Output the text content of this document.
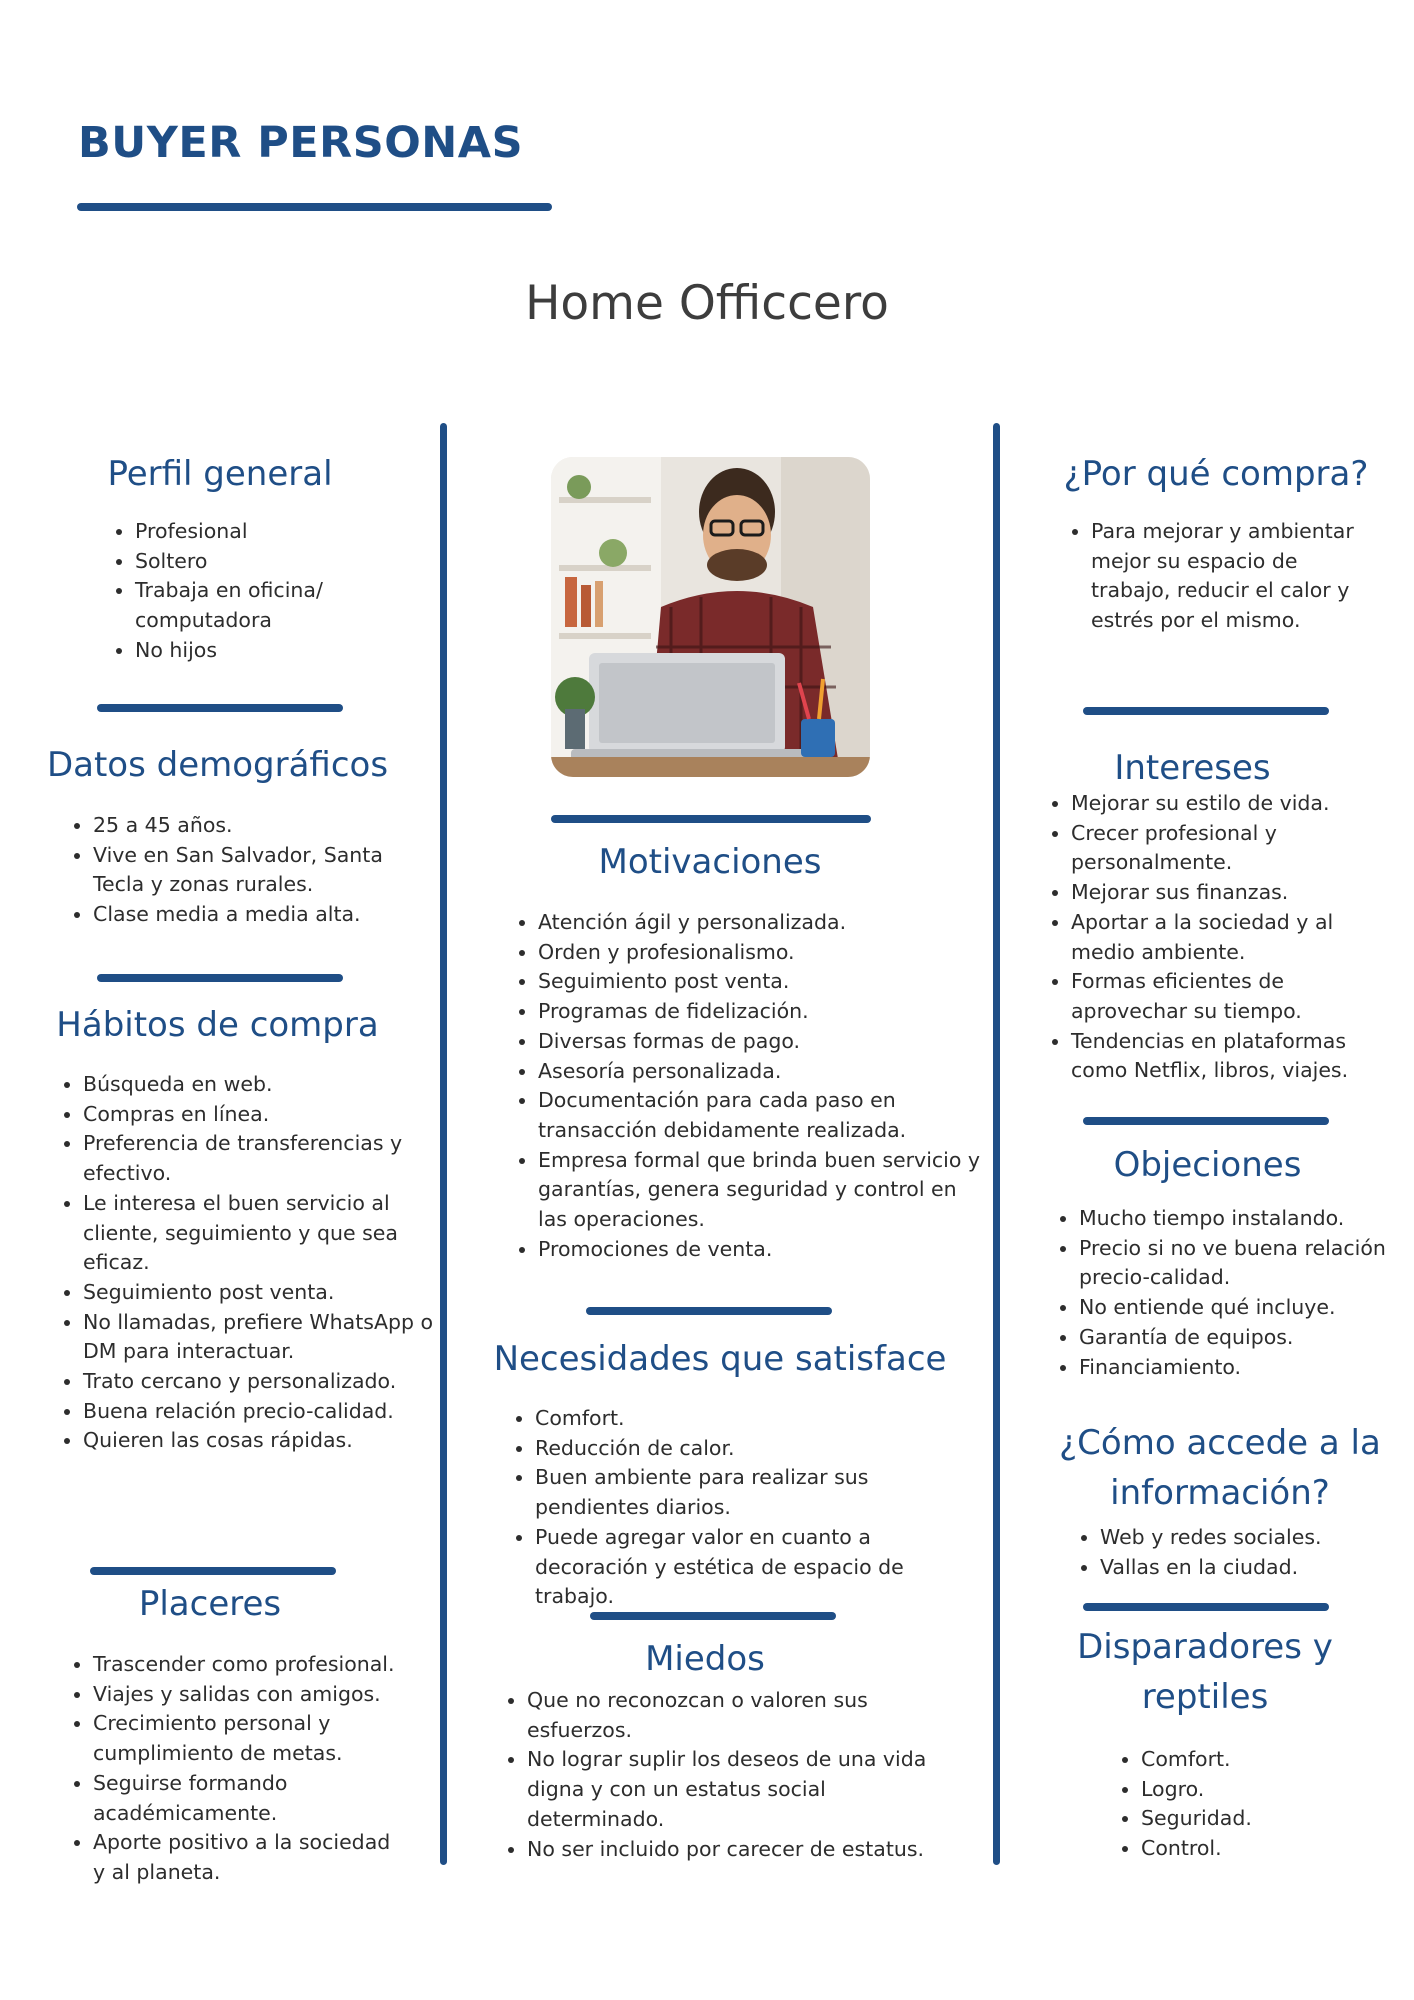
BUYER PERSONAS
Home Officcero
Perfil general
• Profesional
• Soltero
• Trabaja en oficina/ computadora
• No hijos
Datos demográficos
• 25 a 45 años.
• Vive en San Salvador, Santa Tecla y zonas rurales.
• Clase media a media alta.
Hábitos de compra
• Búsqueda en web.
• Compras en línea.
• Preferencia de transferencias y efectivo.
• Le interesa el buen servicio al cliente, seguimiento y que sea eficaz.
• Seguimiento post venta.
• No llamadas, prefiere WhatsApp o DM para interactuar.
• Trato cercano y personalizado.
• Buena relación precio-calidad.
• Quieren las cosas rápidas.
Placeres
• Trascender como profesional.
• Viajes y salidas con amigos.
• Crecimiento personal y cumplimiento de metas.
• Seguirse formando académicamente.
• Aporte positivo a la sociedad y al planeta.
Motivaciones
• Atención ágil y personalizada.
• Orden y profesionalismo.
• Seguimiento post venta.
• Programas de fidelización.
• Diversas formas de pago.
• Asesoría personalizada.
• Documentación para cada paso en transacción debidamente realizada.
• Empresa formal que brinda buen servicio y garantías, genera seguridad y control en las operaciones.
• Promociones de venta.
Necesidades que satisface
• Comfort.
• Reducción de calor.
• Buen ambiente para realizar sus pendientes diarios.
• Puede agregar valor en cuanto a decoración y estética de espacio de trabajo.
Miedos
• Que no reconozcan o valoren sus esfuerzos.
• No lograr suplir los deseos de una vida digna y con un estatus social determinado.
• No ser incluido por carecer de estatus.
¿Por qué compra?
• Para mejorar y ambientar mejor su espacio de trabajo, reducir el calor y estrés por el mismo.
Intereses
• Mejorar su estilo de vida.
• Crecer profesional y personalmente.
• Mejorar sus finanzas.
• Aportar a la sociedad y al medio ambiente.
• Formas eficientes de aprovechar su tiempo.
• Tendencias en plataformas como Netflix, libros, viajes.
Objeciones
• Mucho tiempo instalando.
• Precio si no ve buena relación precio-calidad.
• No entiende qué incluye.
• Garantía de equipos.
• Financiamiento.
¿Cómo accede a la información?
• Web y redes sociales.
• Vallas en la ciudad.
Disparadores y reptiles
• Comfort.
• Logro.
• Seguridad.
• Control.
